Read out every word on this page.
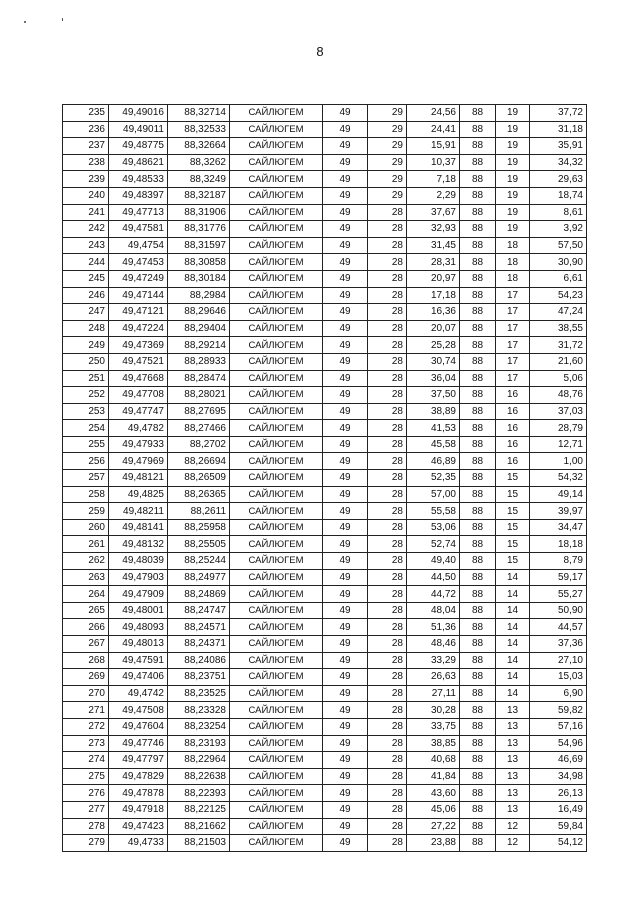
8
235	49,49016	88,32714	САЙЛЮГЕМ	49	29	24,56	88	19	37,72
236	49,49011	88,32533	САЙЛЮГЕМ	49	29	24,41	88	19	31,18
237	49,48775	88,32664	САЙЛЮГЕМ	49	29	15,91	88	19	35,91
238	49,48621	88,3262	САЙЛЮГЕМ	49	29	10,37	88	19	34,32
239	49,48533	88,3249	САЙЛЮГЕМ	49	29	7,18	88	19	29,63
240	49,48397	88,32187	САЙЛЮГЕМ	49	29	2,29	88	19	18,74
241	49,47713	88,31906	САЙЛЮГЕМ	49	28	37,67	88	19	8,61
242	49,47581	88,31776	САЙЛЮГЕМ	49	28	32,93	88	19	3,92
243	49,4754	88,31597	САЙЛЮГЕМ	49	28	31,45	88	18	57,50
244	49,47453	88,30858	САЙЛЮГЕМ	49	28	28,31	88	18	30,90
245	49,47249	88,30184	САЙЛЮГЕМ	49	28	20,97	88	18	6,61
246	49,47144	88,2984	САЙЛЮГЕМ	49	28	17,18	88	17	54,23
247	49,47121	88,29646	САЙЛЮГЕМ	49	28	16,36	88	17	47,24
248	49,47224	88,29404	САЙЛЮГЕМ	49	28	20,07	88	17	38,55
249	49,47369	88,29214	САЙЛЮГЕМ	49	28	25,28	88	17	31,72
250	49,47521	88,28933	САЙЛЮГЕМ	49	28	30,74	88	17	21,60
251	49,47668	88,28474	САЙЛЮГЕМ	49	28	36,04	88	17	5,06
252	49,47708	88,28021	САЙЛЮГЕМ	49	28	37,50	88	16	48,76
253	49,47747	88,27695	САЙЛЮГЕМ	49	28	38,89	88	16	37,03
254	49,4782	88,27466	САЙЛЮГЕМ	49	28	41,53	88	16	28,79
255	49,47933	88,2702	САЙЛЮГЕМ	49	28	45,58	88	16	12,71
256	49,47969	88,26694	САЙЛЮГЕМ	49	28	46,89	88	16	1,00
257	49,48121	88,26509	САЙЛЮГЕМ	49	28	52,35	88	15	54,32
258	49,4825	88,26365	САЙЛЮГЕМ	49	28	57,00	88	15	49,14
259	49,48211	88,2611	САЙЛЮГЕМ	49	28	55,58	88	15	39,97
260	49,48141	88,25958	САЙЛЮГЕМ	49	28	53,06	88	15	34,47
261	49,48132	88,25505	САЙЛЮГЕМ	49	28	52,74	88	15	18,18
262	49,48039	88,25244	САЙЛЮГЕМ	49	28	49,40	88	15	8,79
263	49,47903	88,24977	САЙЛЮГЕМ	49	28	44,50	88	14	59,17
264	49,47909	88,24869	САЙЛЮГЕМ	49	28	44,72	88	14	55,27
265	49,48001	88,24747	САЙЛЮГЕМ	49	28	48,04	88	14	50,90
266	49,48093	88,24571	САЙЛЮГЕМ	49	28	51,36	88	14	44,57
267	49,48013	88,24371	САЙЛЮГЕМ	49	28	48,46	88	14	37,36
268	49,47591	88,24086	САЙЛЮГЕМ	49	28	33,29	88	14	27,10
269	49,47406	88,23751	САЙЛЮГЕМ	49	28	26,63	88	14	15,03
270	49,4742	88,23525	САЙЛЮГЕМ	49	28	27,11	88	14	6,90
271	49,47508	88,23328	САЙЛЮГЕМ	49	28	30,28	88	13	59,82
272	49,47604	88,23254	САЙЛЮГЕМ	49	28	33,75	88	13	57,16
273	49,47746	88,23193	САЙЛЮГЕМ	49	28	38,85	88	13	54,96
274	49,47797	88,22964	САЙЛЮГЕМ	49	28	40,68	88	13	46,69
275	49,47829	88,22638	САЙЛЮГЕМ	49	28	41,84	88	13	34,98
276	49,47878	88,22393	САЙЛЮГЕМ	49	28	43,60	88	13	26,13
277	49,47918	88,22125	САЙЛЮГЕМ	49	28	45,06	88	13	16,49
278	49,47423	88,21662	САЙЛЮГЕМ	49	28	27,22	88	12	59,84
279	49,4733	88,21503	САЙЛЮГЕМ	49	28	23,88	88	12	54,12
